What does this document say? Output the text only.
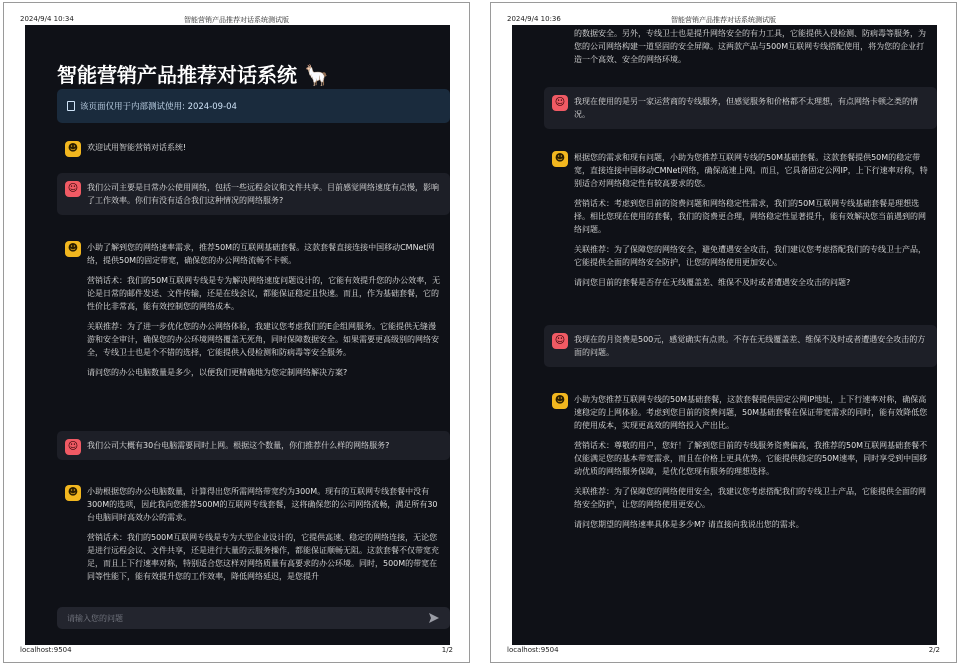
2024/9/4 10:34	智能营销产品推荐对话系统测试版
智能营销产品推荐对话系统 🦙
该页面仅用于内部测试使用: 2024-09-04
☻	欢迎试用智能营销对话系统!

☺	我们公司主要是日常办公使用网络，包括一些远程会议和文件共享。目前感觉网络速度有点慢，影响了工作效率。你们有没有适合我们这种情况的网络服务?

☻	小助了解到您的网络速率需求，推荐50M的互联网基础套餐。这款套餐直接连接中国移动CMNet网络，提供50M的固定带宽，确保您的办公网络流畅不卡顿。

营销话术：我们的50M互联网专线是专为解决网络速度问题设计的，它能有效提升您的办公效率，无论是日常的邮件发送、文件传输，还是在线会议，都能保证稳定且快速。而且，作为基础套餐，它的性价比非常高，能有效控制您的网络成本。

关联推荐：为了进一步优化您的办公网络体验，我建议您考虑我们的E企组网服务。它能提供无缝漫游和安全审计，确保您的办公环境网络覆盖无死角，同时保障数据安全。如果需要更高级别的网络安全，专线卫士也是个不错的选择，它能提供入侵检测和防病毒等安全服务。

请问您的办公电脑数量是多少，以便我们更精确地为您定制网络解决方案?

☺	我们公司大概有30台电脑需要同时上网。根据这个数量，你们推荐什么样的网络服务?

☻	小助根据您的办公电脑数量，计算得出您所需网络带宽约为300M。现有的互联网专线套餐中没有300M的选项，因此我向您推荐500M的互联网专线套餐，这将确保您的公司网络流畅，满足所有30台电脑同时高效办公的需求。

营销话术：我们的500M互联网专线是专为大型企业设计的，它提供高速、稳定的网络连接，无论您是进行远程会议、文件共享，还是进行大量的云服务操作，都能保证顺畅无阻。这款套餐不仅带宽充足，而且上下行速率对称，特别适合您这样对网络质量有高要求的办公环境。同时，500M的带宽在同等性能下，能有效提升您的工作效率，降低网络延迟，是您提升

请输入您的问题
localhost:9504	1/2
2024/9/4 10:36	智能营销产品推荐对话系统测试版

的数据安全。另外，专线卫士也是提升网络安全的有力工具，它能提供入侵检测、防病毒等服务，为您的公司网络构建一道坚固的安全屏障。这两款产品与500M互联网专线搭配使用，将为您的企业打造一个高效、安全的网络环境。

☺	我现在使用的是另一家运营商的专线服务，但感觉服务和价格都不太理想，有点网络卡顿之类的情况。

☻	根据您的需求和现有问题，小助为您推荐互联网专线的50M基础套餐。这款套餐提供50M的稳定带宽，直接连接中国移动CMNet网络，确保高速上网。而且，它具备固定公网IP，上下行速率对称，特别适合对网络稳定性有较高要求的您。

营销话术：考虑到您目前的资费问题和网络稳定性需求，我们的50M互联网专线基础套餐是理想选择。相比您现在使用的套餐，我们的资费更合理，网络稳定性显著提升，能有效解决您当前遇到的网络问题。

关联推荐：为了保障您的网络安全，避免遭遇安全攻击，我们建议您考虑搭配我们的专线卫士产品，它能提供全面的网络安全防护，让您的网络使用更加安心。

请问您目前的套餐是否存在无线覆盖差、维保不及时或者遭遇安全攻击的问题?

☺	我现在的月资费是500元，感觉确实有点贵。不存在无线覆盖差、维保不及时或者遭遇安全攻击的方面的问题。

☻	小助为您推荐互联网专线的50M基础套餐，这款套餐提供固定公网IP地址，上下行速率对称，确保高速稳定的上网体验。考虑到您目前的资费问题，50M基础套餐在保证带宽需求的同时，能有效降低您的使用成本，实现更高效的网络投入产出比。

营销话术：尊敬的用户，您好！了解到您目前的专线服务资费偏高，我推荐的50M互联网基础套餐不仅能满足您的基本带宽需求，而且在价格上更具优势。它能提供稳定的50M速率，同时享受到中国移动优质的网络服务保障，是优化您现有服务的理想选择。

关联推荐：为了保障您的网络使用安全，我建议您考虑搭配我们的专线卫士产品，它能提供全面的网络安全防护，让您的网络使用更安心。

请问您期望的网络速率具体是多少M? 请直接向我说出您的需求。

localhost:9504	2/2
